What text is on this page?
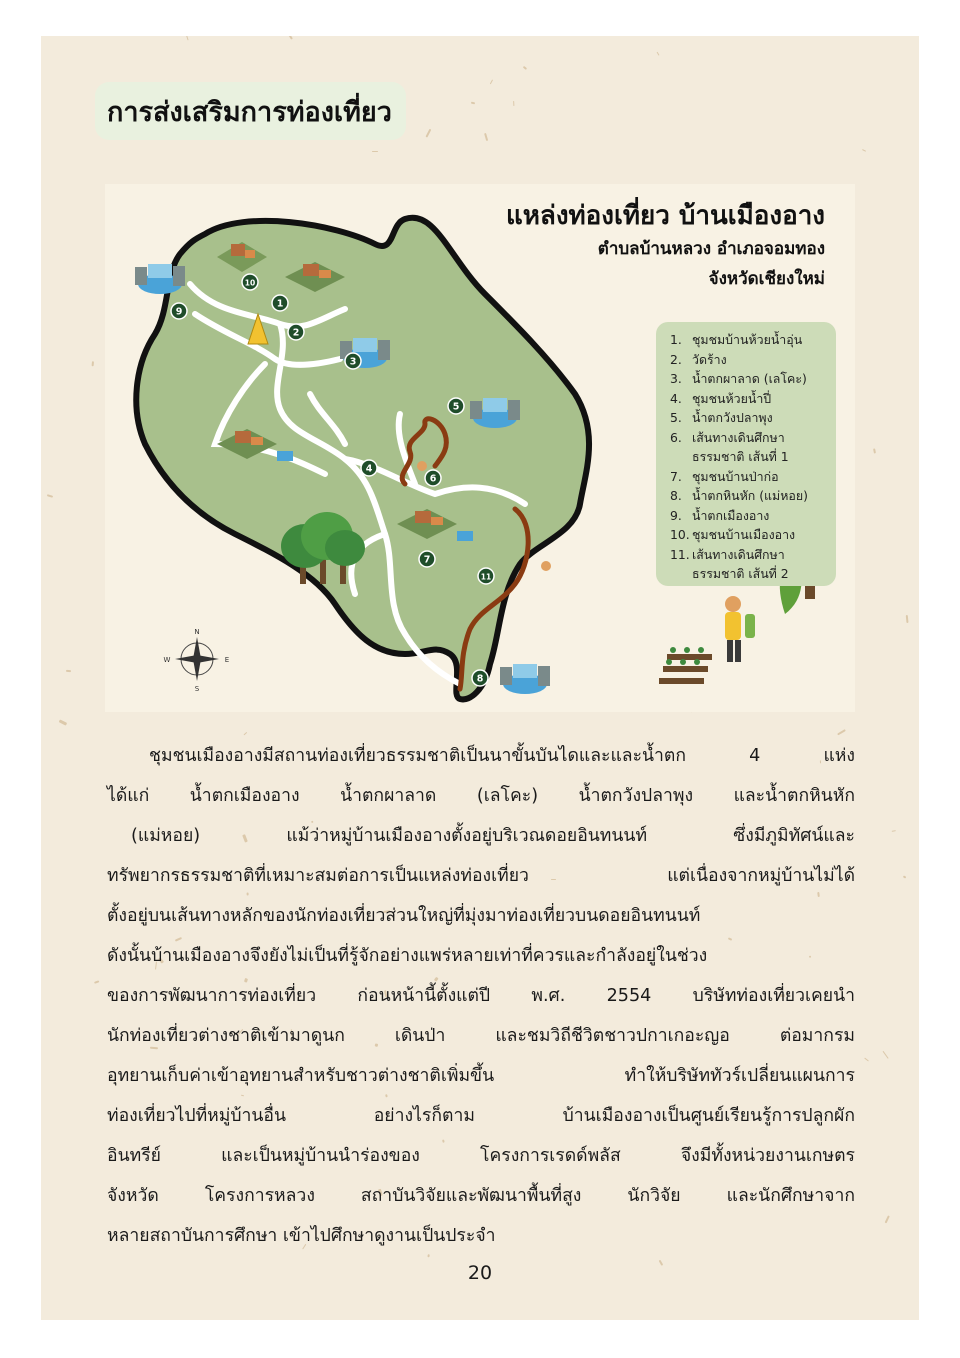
การส่งเสริมการท่องเที่ยว
N
S
E
W
1
2
3
4
5
6
7
8
9
10
11
แหล่งท่องเที่ยว บ้านเมืองอาง
ตำบลบ้านหลวง อำเภอจอมทอง
จังหวัดเชียงใหม่
1. ชุมชมบ้านห้วยน้ำอุ่น
2. วัดร้าง
3. น้ำตกผาลาด (เลโคะ)
4. ชุมชนห้วยน้ำปี่
5. น้ำตกวังปลาพุง
6. เส้นทางเดินศึกษา
ธรรมชาติ เส้นที่ 1
7. ชุมชนบ้านป่าก่อ
8. น้ำตกหินหัก (แม่หอย)
9. น้ำตกเมืองอาง
10. ชุมชนบ้านเมืองอาง
11. เส้นทางเดินศึกษา
ธรรมชาติ เส้นที่ 2
ชุมชนเมืองอางมีสถานท่องเที่ยวธรรมชาติเป็นนาขั้นบันไดและและน้ำตก 4 แห่ง
ได้แก่ น้ำตกเมืองอาง น้ำตกผาลาด (เลโคะ) น้ำตกวังปลาพุง และน้ำตกหินหัก
(แม่หอย) แม้ว่าหมู่บ้านเมืองอางตั้งอยู่บริเวณดอยอินทนนท์ ซึ่งมีภูมิทัศน์และ
ทรัพยากรธรรมชาติที่เหมาะสมต่อการเป็นแหล่งท่องเที่ยว แต่เนื่องจากหมู่บ้านไม่ได้
ตั้งอยู่บนเส้นทางหลักของนักท่องเที่ยวส่วนใหญ่ที่มุ่งมาท่องเที่ยวบนดอยอินทนนท์
ดังนั้นบ้านเมืองอางจึงยังไม่เป็นที่รู้จักอย่างแพร่หลายเท่าที่ควรและกำลังอยู่ในช่วง
ของการพัฒนาการท่องเที่ยว ก่อนหน้านี้ตั้งแต่ปี พ.ศ. 2554 บริษัทท่องเที่ยวเคยนำ
นักท่องเที่ยวต่างชาติเข้ามาดูนก เดินป่า และชมวิถีชีวิตชาวปกาเกอะญอ ต่อมากรม
อุทยานเก็บค่าเข้าอุทยานสำหรับชาวต่างชาติเพิ่มขึ้น ทำให้บริษัททัวร์เปลี่ยนแผนการ
ท่องเที่ยวไปที่หมู่บ้านอื่น อย่างไรก็ตาม บ้านเมืองอางเป็นศูนย์เรียนรู้การปลูกผัก
อินทรีย์ และเป็นหมู่บ้านนำร่องของ โครงการเรดด์พลัส จึงมีทั้งหน่วยงานเกษตร
จังหวัด โครงการหลวง สถาบันวิจัยและพัฒนาพื้นที่สูง นักวิจัย และนักศึกษาจาก
หลายสถาบันการศึกษา เข้าไปศึกษาดูงานเป็นประจำ
20
